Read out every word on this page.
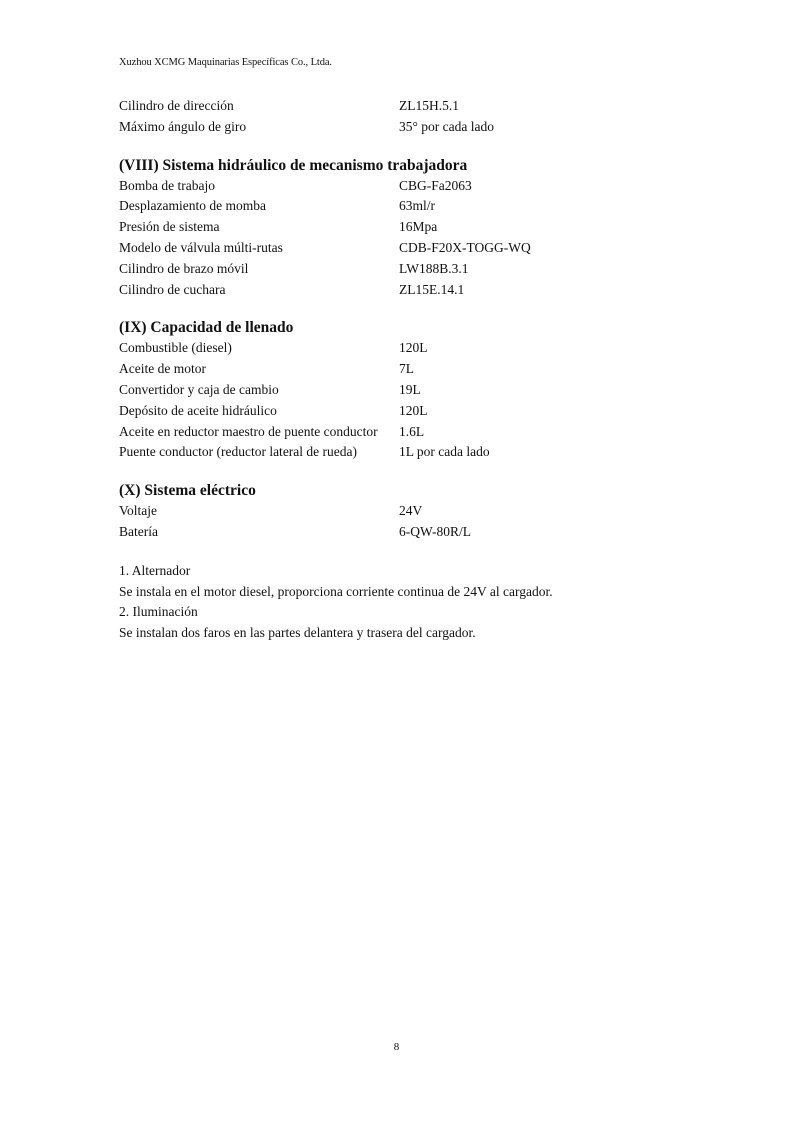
Xuzhou XCMG Maquinarias Específicas Co., Ltda.
Cilindro de dirección	ZL15H.5.1
Máximo ángulo de giro	35° por cada lado
(VIII) Sistema hidráulico de mecanismo trabajadora
Bomba de trabajo	CBG-Fa2063
Desplazamiento de momba	63ml/r
Presión de sistema	16Mpa
Modelo de válvula múlti-rutas	CDB-F20X-TOGG-WQ
Cilindro de brazo móvil	LW188B.3.1
Cilindro de cuchara	ZL15E.14.1
(IX) Capacidad de llenado
Combustible (diesel)	120L
Aceite de motor	7L
Convertidor y caja de cambio	19L
Depósito de aceite hidráulico	120L
Aceite en reductor maestro de puente conductor 1.6L
Puente conductor (reductor lateral de rueda)	1L por cada lado
(X) Sistema eléctrico
Voltaje	24V
Batería	6-QW-80R/L
1. Alternador
Se instala en el motor diesel, proporciona corriente continua de 24V al cargador.
2. Iluminación
Se instalan dos faros en las partes delantera y trasera del cargador.
8
